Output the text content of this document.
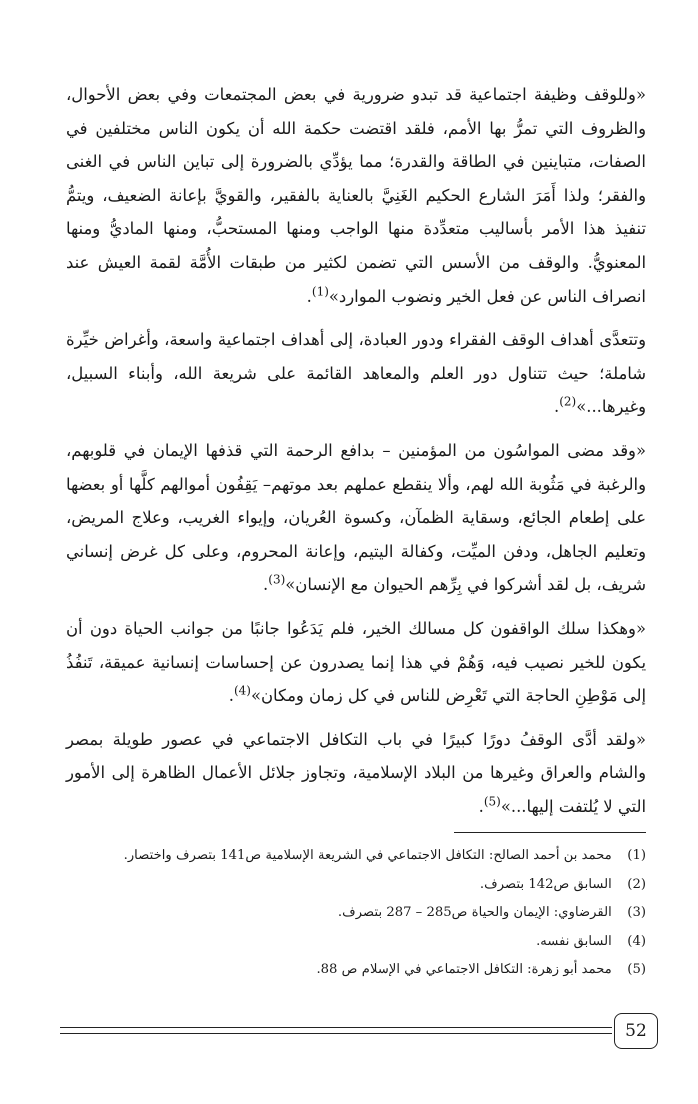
«وللوقف وظيفة اجتماعية قد تبدو ضرورية في بعض المجتمعات وفي بعض الأحوال، والظروف التي تمرُّ بها الأمم، فلقد اقتضت حكمة الله أن يكون الناس مختلفين في الصفات، متباينين في الطاقة والقدرة؛ مما يؤدِّي بالضرورة إلى تباين الناس في الغنى والفقر؛ ولذا أَمَرَ الشارع الحكيم الغَنِيَّ بالعناية بالفقير، والقويَّ بإعانة الضعيف، ويتمُّ تنفيذ هذا الأمر بأساليب متعدِّدة منها الواجب ومنها المستحبُّ، ومنها الماديُّ ومنها المعنويُّ. والوقف من الأسس التي تضمن لكثير من طبقات الأُمَّة لقمة العيش عند انصراف الناس عن فعل الخير ونضوب الموارد»$^{(1)}$.

وتتعدَّى أهداف الوقف الفقراء ودور العبادة، إلى أهداف اجتماعية واسعة، وأغراض خيِّرة شاملة؛ حيث تتناول دور العلم والمعاهد القائمة على شريعة الله، وأبناء السبيل، وغيرها...»$^{(2)}$.

«وقد مضى المواسُون من المؤمنين – بدافع الرحمة التي قذفها الإيمان في قلوبهم، والرغبة في مَثُوبة الله لهم، وألا ينقطع عملهم بعد موتهم– يَقِفُون أموالهم كلَّها أو بعضها على إطعام الجائع، وسقاية الظمآن، وكسوة العُريان، وإيواء الغريب، وعلاج المريض، وتعليم الجاهل، ودفن الميِّت، وكفالة اليتيم، وإعانة المحروم، وعلى كل غرض إنساني شريف، بل لقد أشركوا في بِرِّهم الحيوان مع الإنسان»$^{(3)}$.

«وهكذا سلك الواقفون كل مسالك الخير، فلم يَدَعُوا جانبًا من جوانب الحياة دون أن يكون للخير نصيب فيه، وَهُمْ في هذا إنما يصدرون عن إحساسات إنسانية عميقة، تَنفُذُ إلى مَوْطِنِ الحاجة التي تَعْرِض للناس في كل زمان ومكان»$^{(4)}$.

«ولقد أدَّى الوقفُ دورًا كبيرًا في باب التكافل الاجتماعي في عصور طويلة بمصر والشام والعراق وغيرها من البلاد الإسلامية، وتجاوز جلائل الأعمال الظاهرة إلى الأمور التي لا يُلتفت إليها...»$^{(5)}$.

(1) محمد بن أحمد الصالح: التكافل الاجتماعي في الشريعة الإسلامية ص141 بتصرف واختصار.
(2) السابق ص142 بتصرف.
(3) القرضاوي: الإيمان والحياة ص285 – 287 بتصرف.
(4) السابق نفسه.
(5) محمد أبو زهرة: التكافل الاجتماعي في الإسلام ص 88.
52
